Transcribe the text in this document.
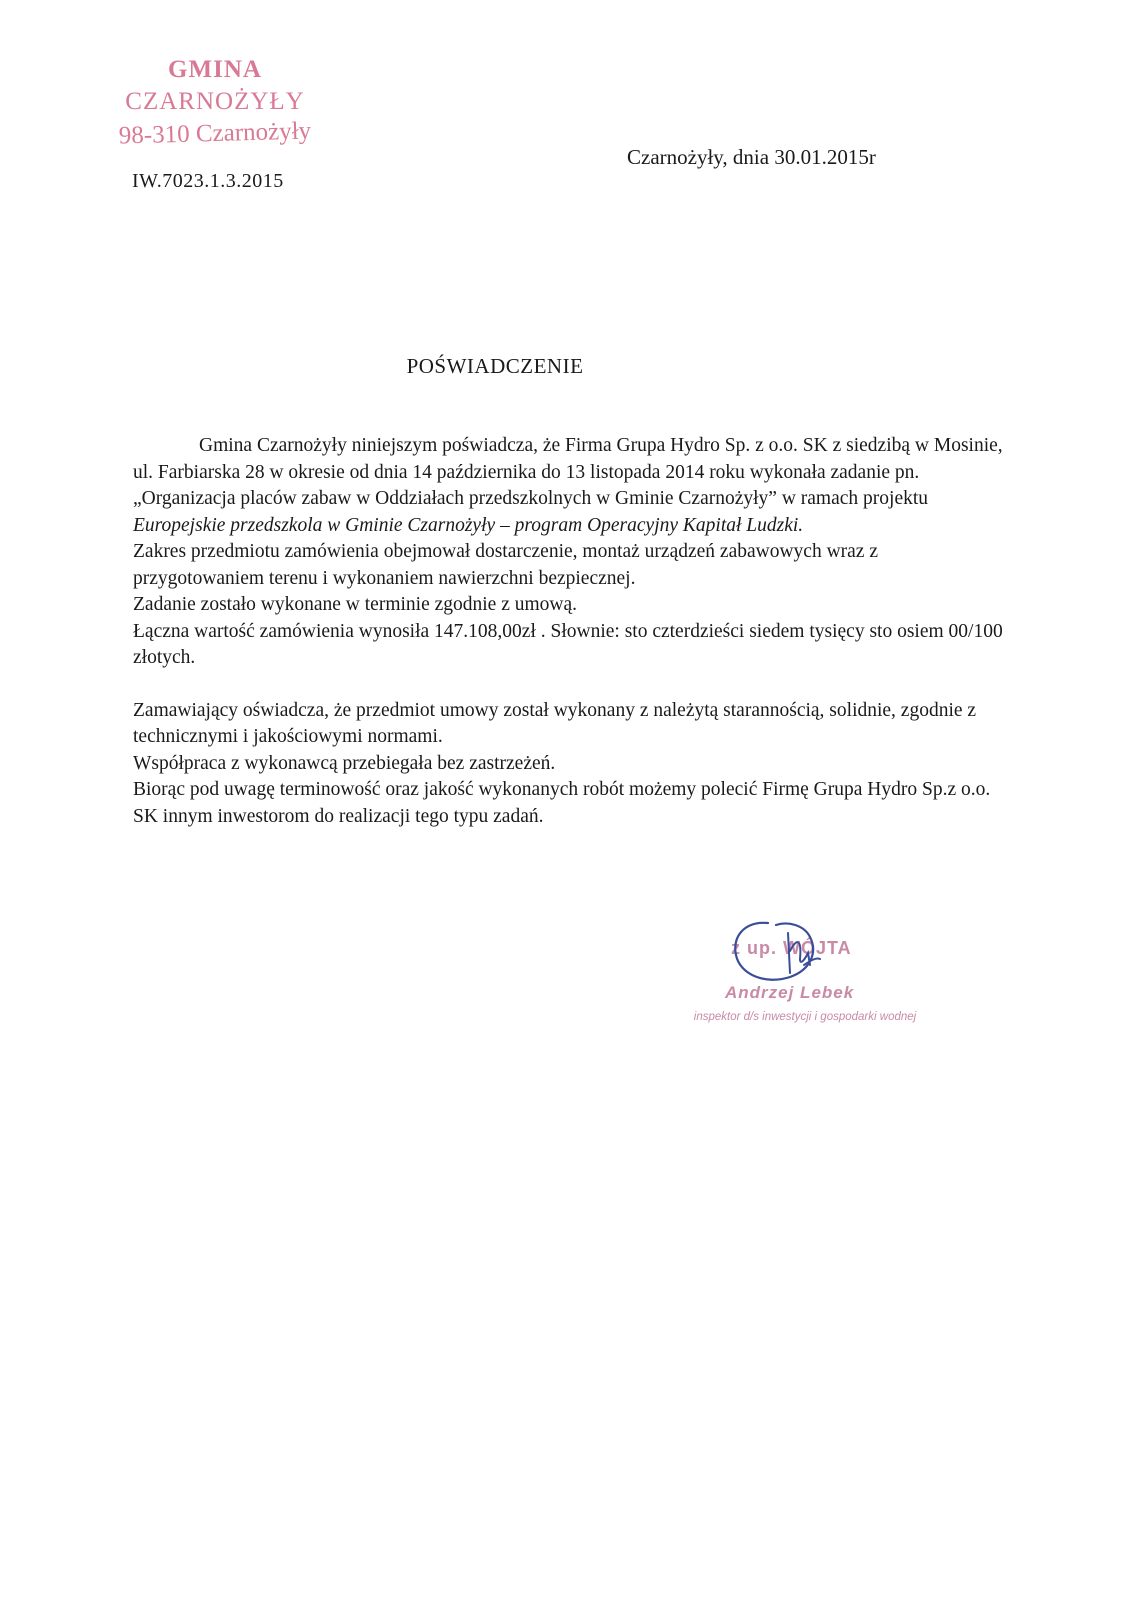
GMINA
CZARNOŻYŁY
98-310 Czarnożyły
IW.7023.1.3.2015
Czarnożyły, dnia 30.01.2015r
POŚWIADCZENIE

Gmina Czarnożyły niniejszym poświadcza, że Firma Grupa Hydro Sp. z o.o. SK z siedzibą w Mosinie, ul. Farbiarska 28 w okresie od dnia 14 października do 13 listopada 2014 roku wykonała zadanie pn. „Organizacja placów zabaw w Oddziałach przedszkolnych w Gminie Czarnożyły” w ramach projektu Europejskie przedszkola w Gminie Czarnożyły – program Operacyjny Kapitał Ludzki.

Zakres przedmiotu zamówienia obejmował dostarczenie, montaż urządzeń zabawowych wraz z przygotowaniem terenu i wykonaniem nawierzchni bezpiecznej.

Zadanie zostało wykonane w terminie zgodnie z umową.

Łączna wartość zamówienia wynosiła 147.108,00zł . Słownie: sto czterdzieści siedem tysięcy sto osiem 00/100 złotych.

Zamawiający oświadcza, że przedmiot umowy został wykonany z należytą starannością, solidnie, zgodnie z technicznymi i jakościowymi normami.

Współpraca z wykonawcą przebiegała bez zastrzeżeń.

Biorąc pod uwagę terminowość oraz jakość wykonanych robót możemy polecić Firmę Grupa Hydro Sp.z o.o. SK innym inwestorom do realizacji tego typu zadań.

z up. WÓJTA
Andrzej Lebek
inspektor d/s inwestycji i gospodarki wodnej
